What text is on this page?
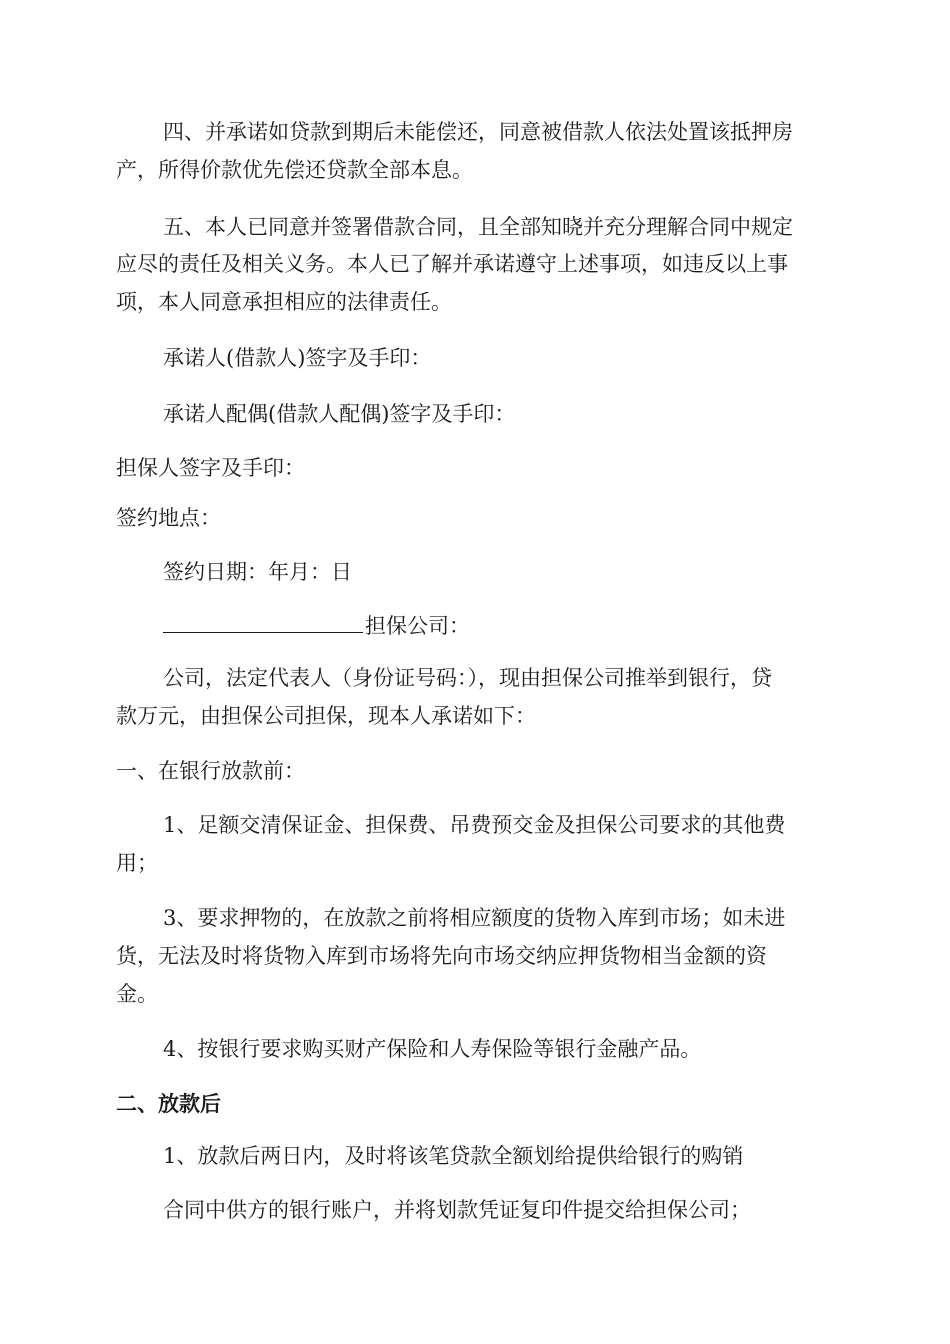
四、并承诺如贷款到期后未能偿还，同意被借款人依法处置该抵押房
产，所得价款优先偿还贷款全部本息。
五、本人已同意并签署借款合同，且全部知晓并充分理解合同中规定
应尽的责任及相关义务。本人已了解并承诺遵守上述事项，如违反以上事
项，本人同意承担相应的法律责任。
承诺人(借款人)签字及手印：
承诺人配偶(借款人配偶)签字及手印：
担保人签字及手印：
签约地点：
签约日期：年月：日
担保公司：
公司，法定代表人（身份证号码：），现由担保公司推举到银行，贷
款万元，由担保公司担保，现本人承诺如下：
一、在银行放款前：
1、足额交清保证金、担保费、吊费预交金及担保公司要求的其他费
用；
3、要求押物的，在放款之前将相应额度的货物入库到市场；如未进
货，无法及时将货物入库到市场将先向市场交纳应押货物相当金额的资
金。
4、按银行要求购买财产保险和人寿保险等银行金融产品。
二、放款后
1、放款后两日内，及时将该笔贷款全额划给提供给银行的购销
合同中供方的银行账户，并将划款凭证复印件提交给担保公司；
